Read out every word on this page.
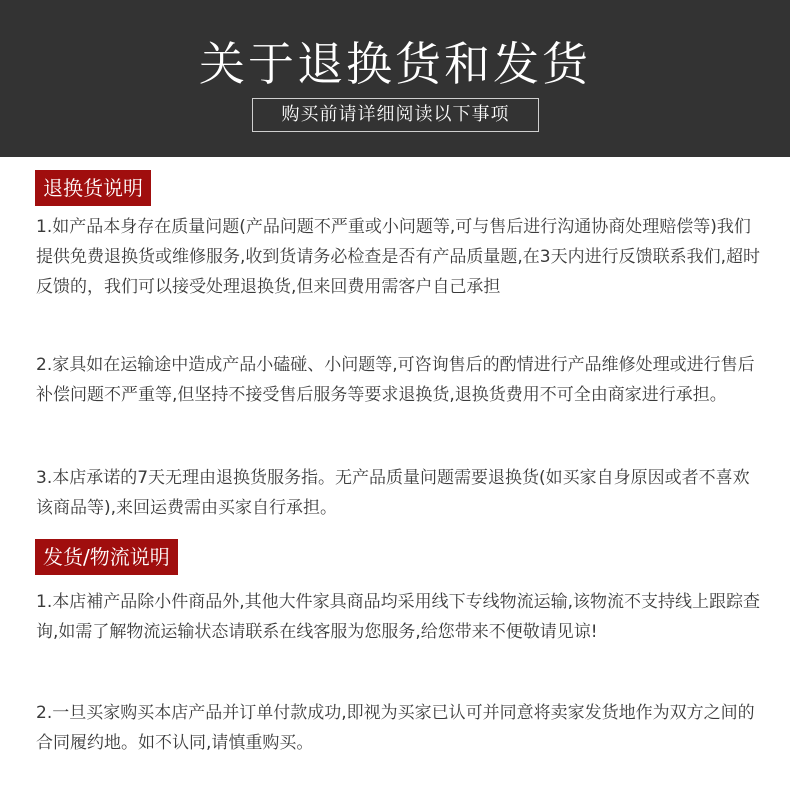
关于退换货和发货
购买前请详细阅读以下事项
退换货说明
1.如产品本身存在质量问题(产品问题不严重或小问题等,可与售后进行沟通协商处理赔偿等)我们提供免费退换货或维修服务,收到货请务必检查是否有产品质量题,在3天内进行反馈联系我们,超时反馈的，我们可以接受处理退换货,但来回费用需客户自己承担
2.家具如在运输途中造成产品小磕碰、小问题等,可咨询售后的酌情进行产品维修处理或进行售后补偿问题不严重等,但坚持不接受售后服务等要求退换货,退换货费用不可全由商家进行承担。
3.本店承诺的7天无理由退换货服务指。无产品质量问题需要退换货(如买家自身原因或者不喜欢该商品等),来回运费需由买家自行承担。
发货/物流说明
1.本店補产品除小件商品外,其他大件家具商品均采用线下专线物流运输,该物流不支持线上跟踪查询,如需了解物流运输状态请联系在线客服为您服务,给您带来不便敬请见谅!
2.一旦买家购买本店产品并订单付款成功,即视为买家已认可并同意将卖家发货地作为双方之间的合同履约地。如不认同,请慎重购买。
